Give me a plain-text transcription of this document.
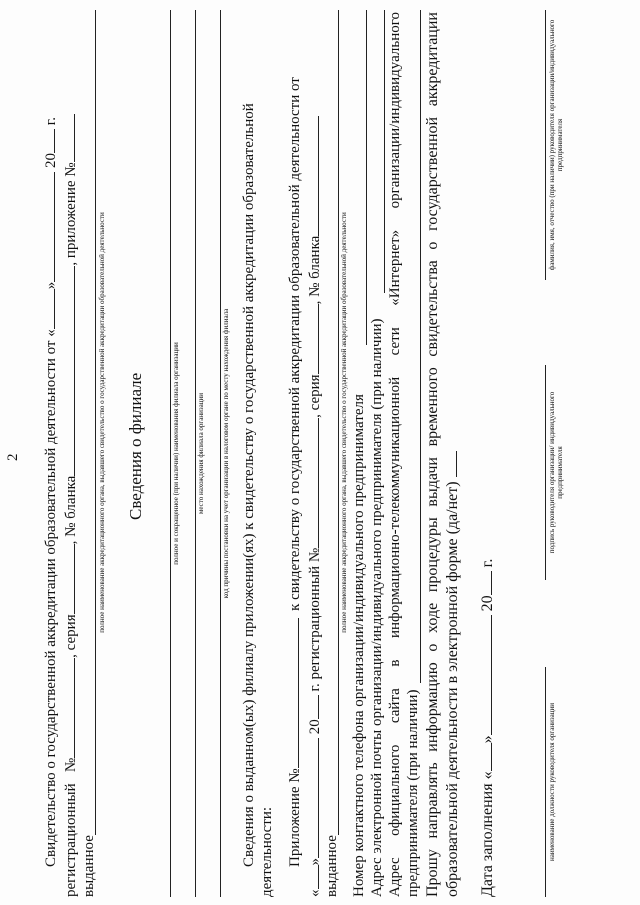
2 Свидетельство о государственной аккредитации образовательной деятельности от «» 20 г.
регистрационный   №, серия, № бланка, приложение №
выданное
полное наименование аккредитационного органа, выдавшего свидетельство о государственной аккредитации образовательной деятельности Сведения о филиале	полное и сокращенное (при наличии) наименования филиала организации место нахождения филиала организации код причины постановки на учет организации в налоговом органе по месту нахождения филиала Сведения о выданном(ых) филиалу приложении(ях) к свидетельству о государственной аккредитации образовательной деятельности: Приложение №  к свидетельству о государственной аккредитации образовательной деятельности от
«» 20 г. регистрационный №, серия, № бланка
выданное
полное наименование аккредитационного органа, выдавшего свидетельство о государственной аккредитации образовательной деятельности Номер контактного телефона организации/индивидуального предпринимателя Адрес электронной почты организации/индивидуального предпринимателя (при наличии) Адрес официального сайта в информационно-телекоммуникационной сети «Интернет» организации/индивидуального предпринимателя (при наличии) Прошу направлять информацию о ходе процедуры выдачи временного свидетельства о государственной аккредитации образовательной деятельности в электронной форме (да/нет) Дата заполнения «» 20 г.
наименование должности руководителя организации
подпись руководителя организации/ индивидуального предпринимателя
фамилия, имя, отчество (при наличии) руководителя организации/индивидуального предпринимателя
